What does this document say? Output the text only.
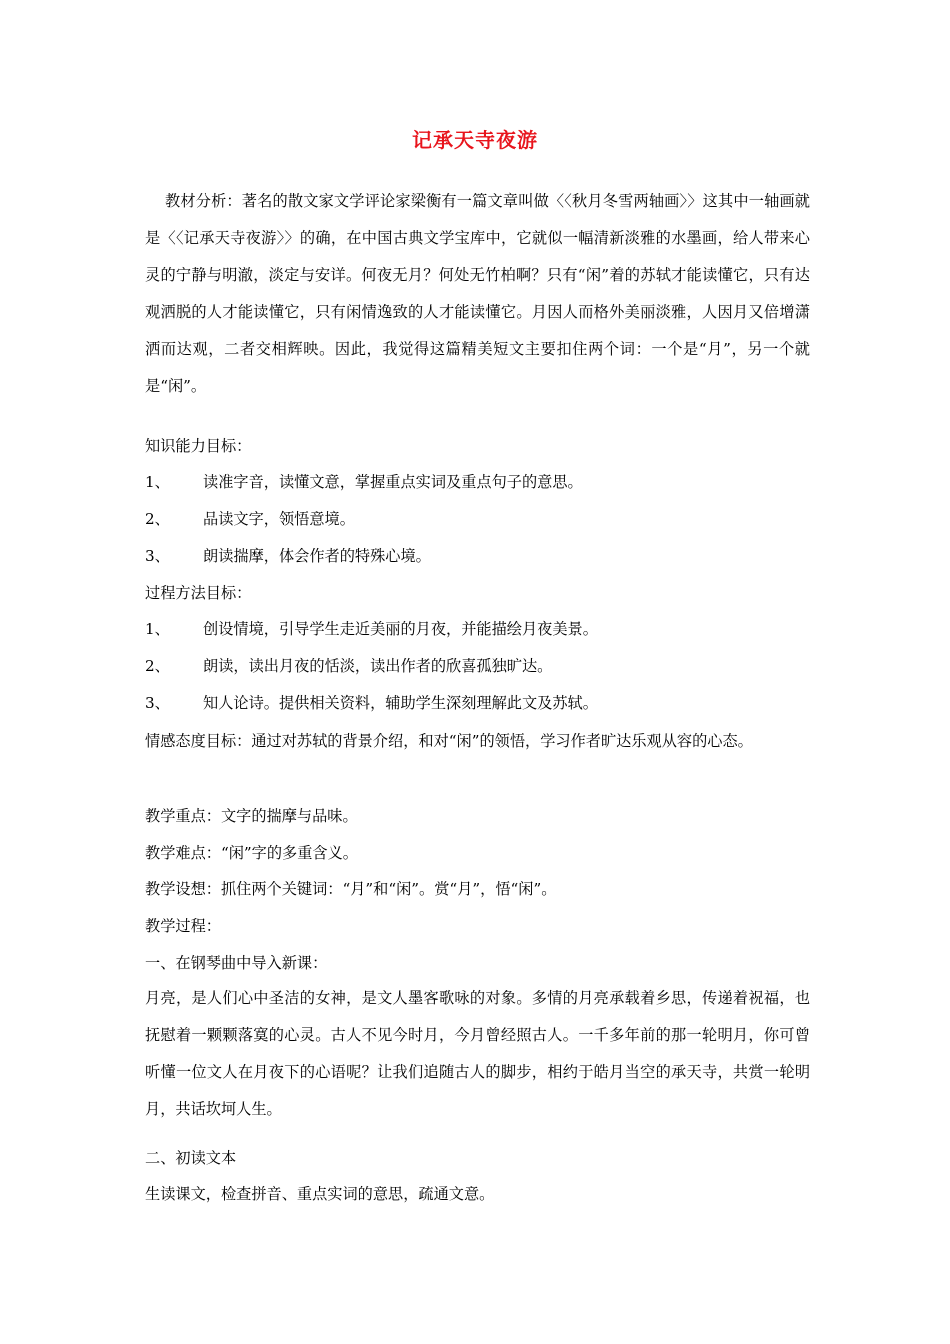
记承天寺夜游
教材分析：著名的散文家文学评论家梁衡有一篇文章叫做〈〈秋月冬雪两轴画〉〉这其中一轴画就是〈〈记承天寺夜游〉〉的确，在中国古典文学宝库中，它就似一幅清新淡雅的水墨画，给人带来心灵的宁静与明澈，淡定与安详。何夜无月？何处无竹柏啊？只有“闲”着的苏轼才能读懂它，只有达观洒脱的人才能读懂它，只有闲情逸致的人才能读懂它。月因人而格外美丽淡雅，人因月又倍增潇洒而达观，二者交相辉映。因此，我觉得这篇精美短文主要扣住两个词：一个是“月”，另一个就是“闲”。
知识能力目标：
1、 读准字音，读懂文意，掌握重点实词及重点句子的意思。
2、 品读文字，领悟意境。
3、 朗读揣摩，体会作者的特殊心境。
过程方法目标：
1、 创设情境，引导学生走近美丽的月夜，并能描绘月夜美景。
2、 朗读，读出月夜的恬淡，读出作者的欣喜孤独旷达。
3、 知人论诗。提供相关资料，辅助学生深刻理解此文及苏轼。
情感态度目标：通过对苏轼的背景介绍，和对“闲”的领悟，学习作者旷达乐观从容的心态。
教学重点：文字的揣摩与品味。
教学难点：“闲”字的多重含义。
教学设想：抓住两个关键词：“月”和“闲”。赏“月”，悟“闲”。
教学过程：
一、在钢琴曲中导入新课：
月亮，是人们心中圣洁的女神，是文人墨客歌咏的对象。多情的月亮承载着乡思，传递着祝福，也抚慰着一颗颗落寞的心灵。古人不见今时月，今月曾经照古人。一千多年前的那一轮明月，你可曾听懂一位文人在月夜下的心语呢？让我们追随古人的脚步，相约于皓月当空的承天寺，共赏一轮明月，共话坎坷人生。
二、初读文本
生读课文，检查拼音、重点实词的意思，疏通文意。
